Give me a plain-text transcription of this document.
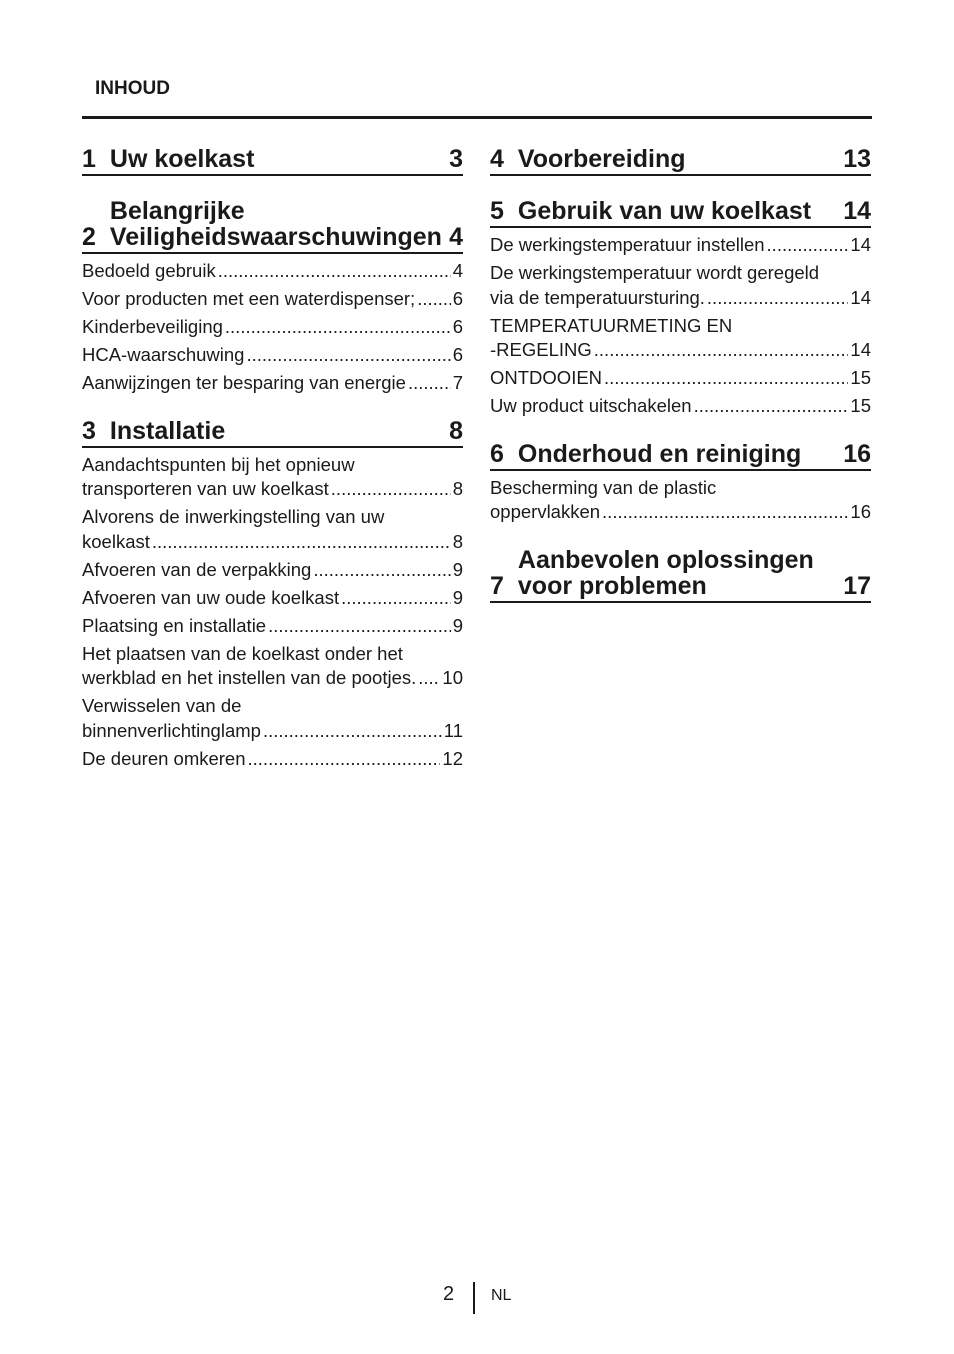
INHOUD
1 Uw koelkast	3
2
Belangrijke Veiligheidswaarschuwingen 4
Bedoeld gebruik .....	4
Voor producten met een waterdispenser; ..... 6
Kinderbeveiliging .....	6
HCA-waarschuwing .....	6
Aanwijzingen ter besparing van energie .....	7
3 Installatie	8
Aandachtspunten bij het opnieuw
transporteren van uw koelkast .....	8
Alvorens de inwerkingstelling van uw
koelkast .....	8
Afvoeren van de verpakking .....	9
Afvoeren van uw oude koelkast .....	9
Plaatsing en installatie .....	9
Het plaatsen van de koelkast onder het
werkblad en het instellen van de pootjes. ..... 10
Verwisselen van de
binnenverlichtinglamp .....	11
De deuren omkeren .....	12
4 Voorbereiding	13
5 Gebruik van uw koelkast	14
De werkingstemperatuur instellen .....	14
De werkingstemperatuur wordt geregeld
via de temperatuursturing. .....	14
TEMPERATUURMETING EN
-REGELING .....	14
ONTDOOIEN .....	15
Uw product uitschakelen .....	15
6 Onderhoud en reiniging	16
Bescherming van de plastic
oppervlakken .....	16
7
Aanbevolen oplossingen voor problemen	17
2 NL
